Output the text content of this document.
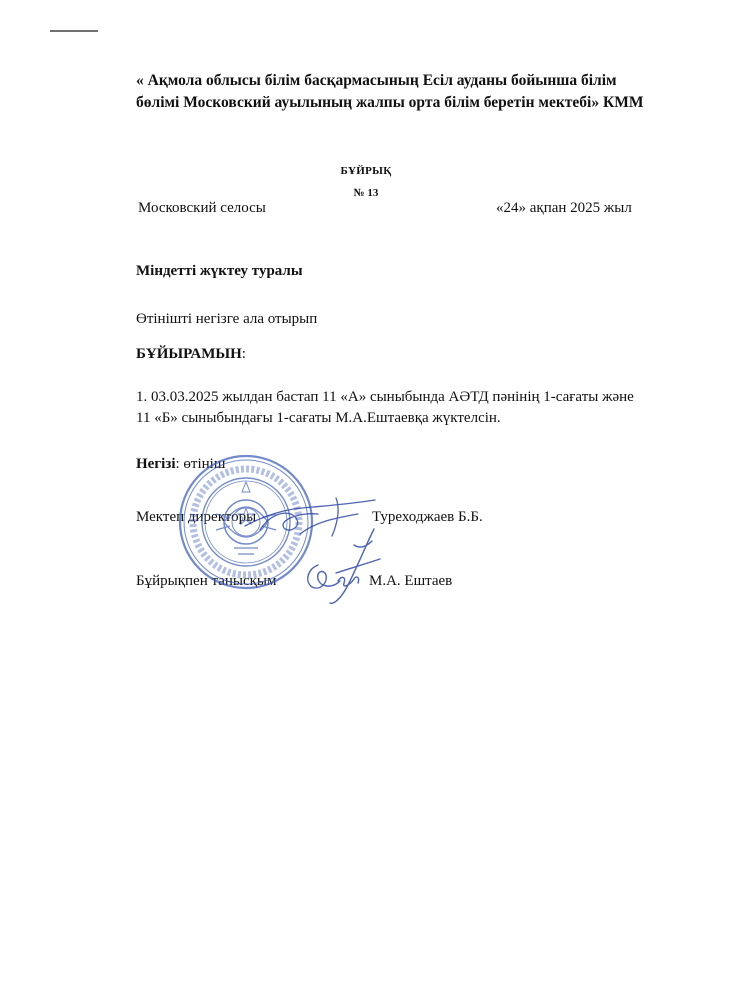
« Ақмола облысы білім басқармасының Есіл ауданы бойынша білім
бөлімі Московский ауылының жалпы орта білім беретін мектебі» КММ
БҰЙРЫҚ
№ 13
Московский селосы	«24» ақпан 2025 жыл
Міндетті жүктеу туралы
Өтінішті негізге ала отырып
БҰЙЫРАМЫН:
1. 03.03.2025 жылдан бастап 11 «А» сыныбында АӘТД пәнінің 1-сағаты және
11 «Б» сыныбындағы 1-сағаты М.А.Ештаевқа жүктелсін.
Негізі: өтініш
Мектеп директоры	Туреходжаев Б.Б.
Бұйрықпен танысқым	М.А. Ештаев
